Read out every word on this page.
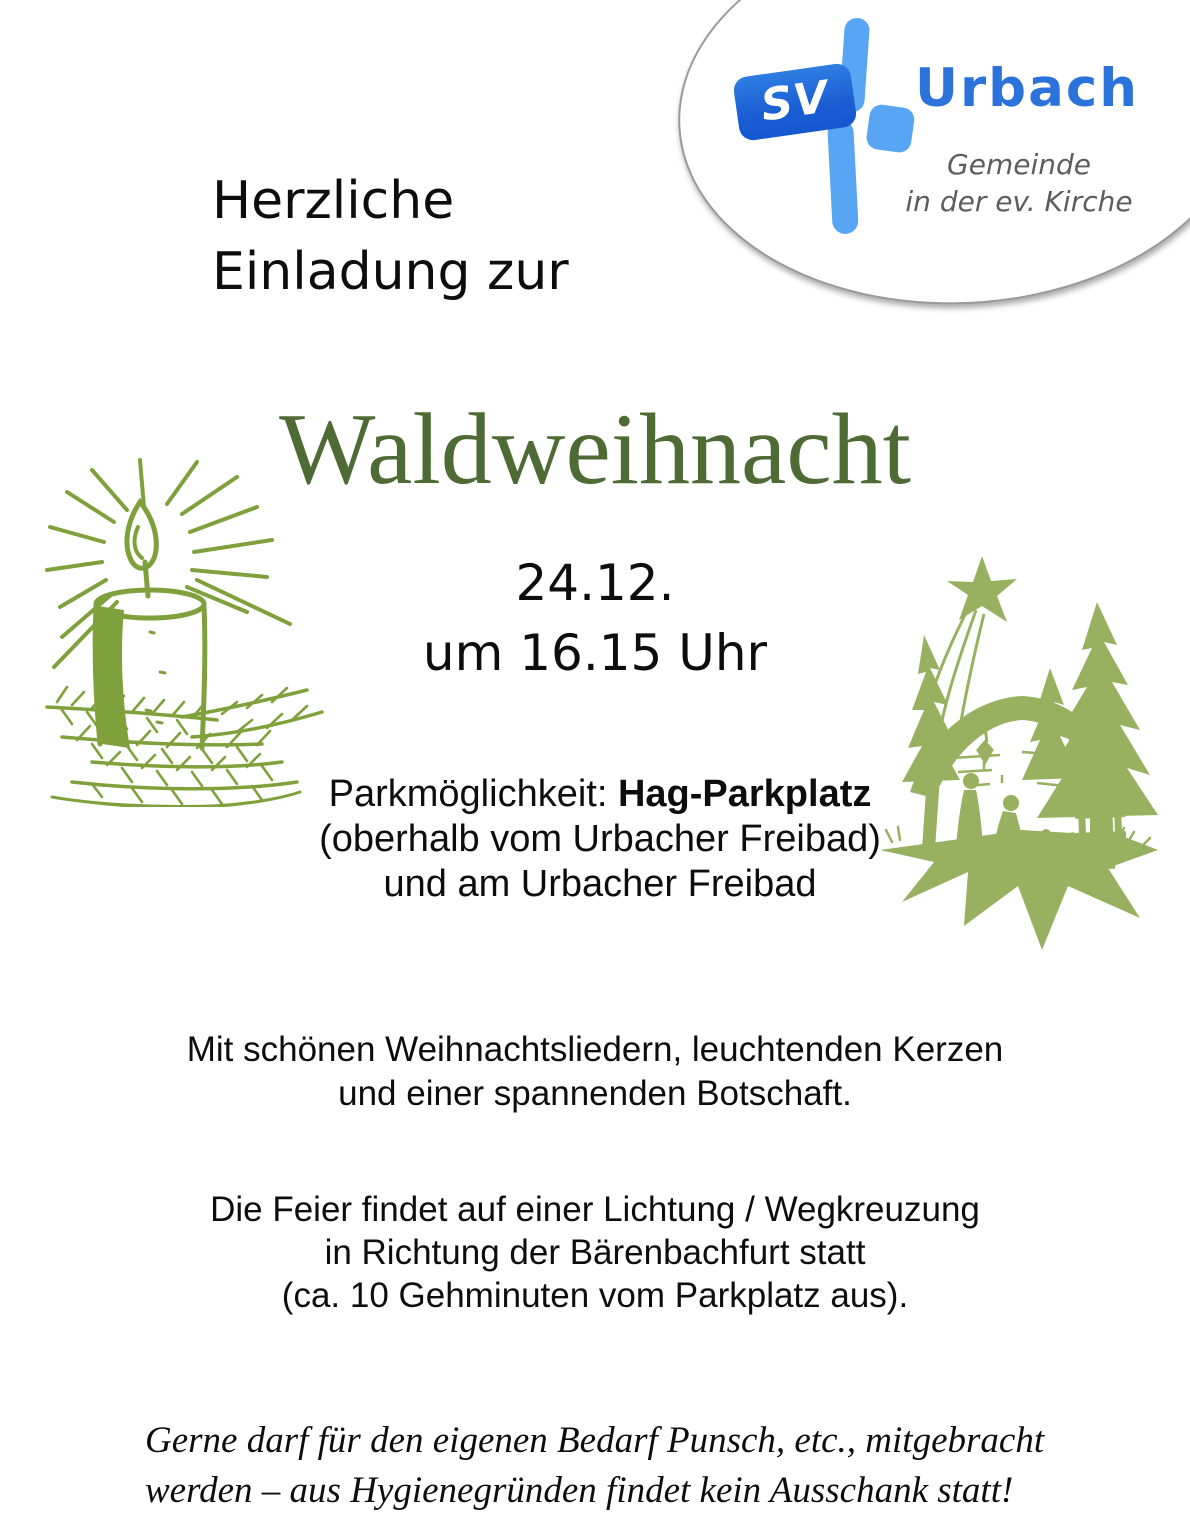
SV Urbach
Gemeinde
in der ev. Kirche
Herzliche
Einladung zur
Waldweihnacht
24.12.
um 16.15 Uhr
Parkmöglichkeit: Hag-Parkplatz
(oberhalb vom Urbacher Freibad)
und am Urbacher Freibad
Mit schönen Weihnachtsliedern, leuchtenden Kerzen
und einer spannenden Botschaft.
Die Feier findet auf einer Lichtung / Wegkreuzung
in Richtung der Bärenbachfurt statt
(ca. 10 Gehminuten vom Parkplatz aus).
Gerne darf für den eigenen Bedarf Punsch, etc., mitgebracht
werden – aus Hygienegründen findet kein Ausschank statt!
